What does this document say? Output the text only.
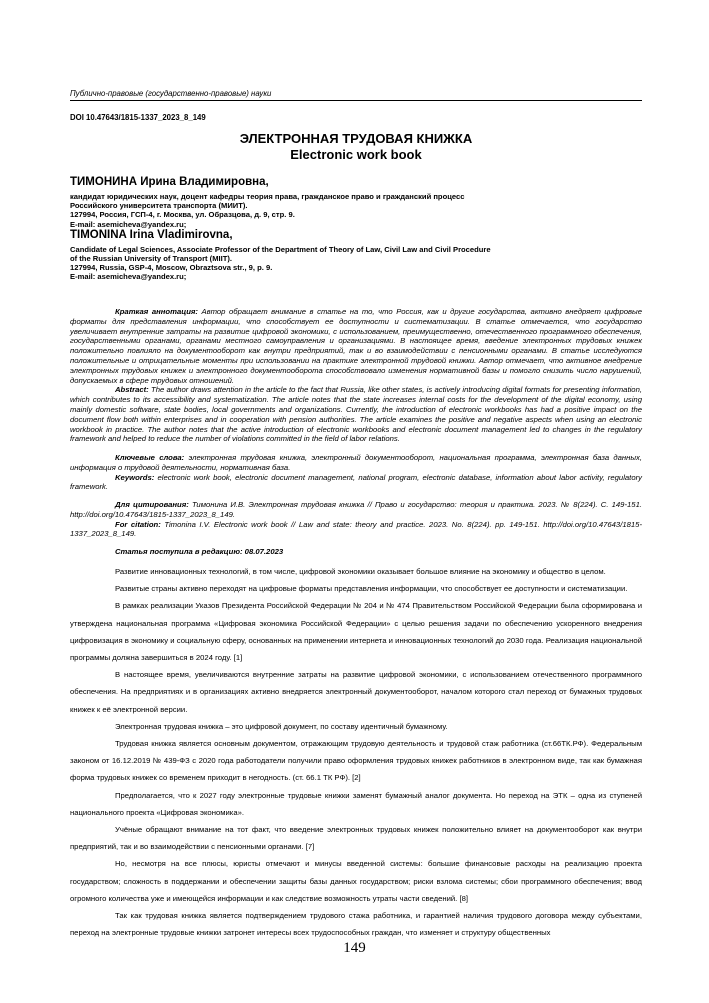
Публично-правовые (государственно-правовые) науки
DOI 10.47643/1815-1337_2023_8_149
ЭЛЕКТРОННАЯ ТРУДОВАЯ КНИЖКА
Electronic work book

ТИМОНИНА Ирина Владимировна,

кандидат юридических наук, доцент кафедры теория права, гражданское право и гражданский процесс

Российского университета транспорта (МИИТ).

127994, Россия, ГСП-4, г. Москва, ул. Образцова, д. 9, стр. 9.

E-mail: asemicheva@yandex.ru;

TIMONINA Irina Vladimirovna,

Candidate of Legal Sciences, Associate Professor of the Department of Theory of Law, Civil Law and Civil Procedure

of the Russian University of Transport (MIIT).

127994, Russia, GSP-4, Moscow, Obraztsova str., 9, p. 9.

E-mail: asemicheva@yandex.ru;

Краткая аннотация: Автор обращает внимание в статье на то, что Россия, как и другие государства, активно внедряет цифровые форматы для представления информации, что способствует ее доступности и систематизации. В статье отмечается, что государство увеличивает внутренние затраты на развитие цифровой экономики, с использованием, преимущественно, отечественного программного обеспечения, государственными органами, органами местного самоуправления и организациями. В настоящее время, введение электронных трудовых книжек положительно повлияло на документооборот как внутри предприятий, так и во взаимодействии с пенсионными органами. В статье исследуются положительные и отрицательные моменты при использовании на практике электронной трудовой книжки. Автор отмечает, что активное внедрение электронных трудовых книжек и электронного документооборота способствовало изменения нормативной базы и помогло снизить число нарушений, допускаемых в сфере трудовых отношений.

Abstract: The author draws attention in the article to the fact that Russia, like other states, is actively introducing digital formats for presenting information, which contributes to its accessibility and systematization. The article notes that the state increases internal costs for the development of the digital economy, using mainly domestic software, state bodies, local governments and organizations. Currently, the introduction of electronic workbooks has had a positive impact on the document flow both within enterprises and in cooperation with pension authorities. The article examines the positive and negative aspects when using an electronic workbook in practice. The author notes that the active introduction of electronic workbooks and electronic document management led to changes in the regulatory framework and helped to reduce the number of violations committed in the field of labor relations.

Ключевые слова: электронная трудовая книжка, электронный документооборот, национальная программа, электронная база данных, информация о трудовой деятельности, нормативная база.

Keywords: electronic work book, electronic document management, national program, electronic database, information about labor activity, regulatory framework.

Для цитирования: Тимонина И.В. Электронная трудовая книжка // Право и государство: теория и практика. 2023. № 8(224). С. 149-151. http://doi.org/10.47643/1815-1337_2023_8_149.

For citation: Timonina I.V. Electronic work book // Law and state: theory and practice. 2023. No. 8(224). pp. 149-151. http://doi.org/10.47643/1815-1337_2023_8_149.

Статья поступила в редакцию: 08.07.2023

Развитие инновационных технологий, в том числе, цифровой экономики оказывает большое влияние на экономику и общество в целом.

Развитые страны активно переходят на цифровые форматы представления информации, что способствует ее доступности и систематизации.

В рамках реализации Указов Президента Российской Федерации № 204 и № 474 Правительством Российской Федерации была сформирована и утверждена национальная программа «Цифровая экономика Российской Федерации» с целью решения задачи по обеспечению ускоренного внедрения цифровизация в экономику и социальную сферу, основанных на применении интернета и инновационных технологий до 2030 года. Реализация национальной программы должна завершиться в 2024 году. [1]

В настоящее время, увеличиваются внутренние затраты на развитие цифровой экономики, с использованием отечественного программного обеспечения. На предприятиях и в организациях активно внедряется электронный документооборот, началом которого стал переход от бумажных трудовых книжек к её электронной версии.

Электронная трудовая книжка – это цифровой документ, по составу идентичный бумажному.

Трудовая книжка является основным документом, отражающим трудовую деятельность и трудовой стаж работника (ст.66ТК.РФ). Федеральным законом от 16.12.2019 № 439-ФЗ с 2020 года работодатели получили право оформления трудовых книжек работников в электронном виде, так как бумажная форма трудовых книжек со временем приходит в негодность. (ст. 66.1 ТК РФ). [2]

Предполагается, что к 2027 году электронные трудовые книжки заменят бумажный аналог документа. Но переход на ЭТК – одна из ступеней национального проекта «Цифровая экономика».

Учёные обращают внимание на тот факт, что введение электронных трудовых книжек положительно влияет на документооборот как внутри предприятий, так и во взаимодействии с пенсионными органами. [7]

Но, несмотря на все плюсы, юристы отмечают и минусы введенной системы: большие финансовые расходы на реализацию проекта государством; сложность в поддержании и обеспечении защиты базы данных государством; риски взлома системы; сбои программного обеспечения; ввод огромного количества уже и имеющейся информации и как следствие возможность утраты части сведений. [8]

Так как трудовая книжка является подтверждением трудового стажа работника, и гарантией наличия трудового договора между субъектами, переход на электронные трудовые книжки затронет интересы всех трудоспособных граждан, что изменяет и структуру общественных

149
